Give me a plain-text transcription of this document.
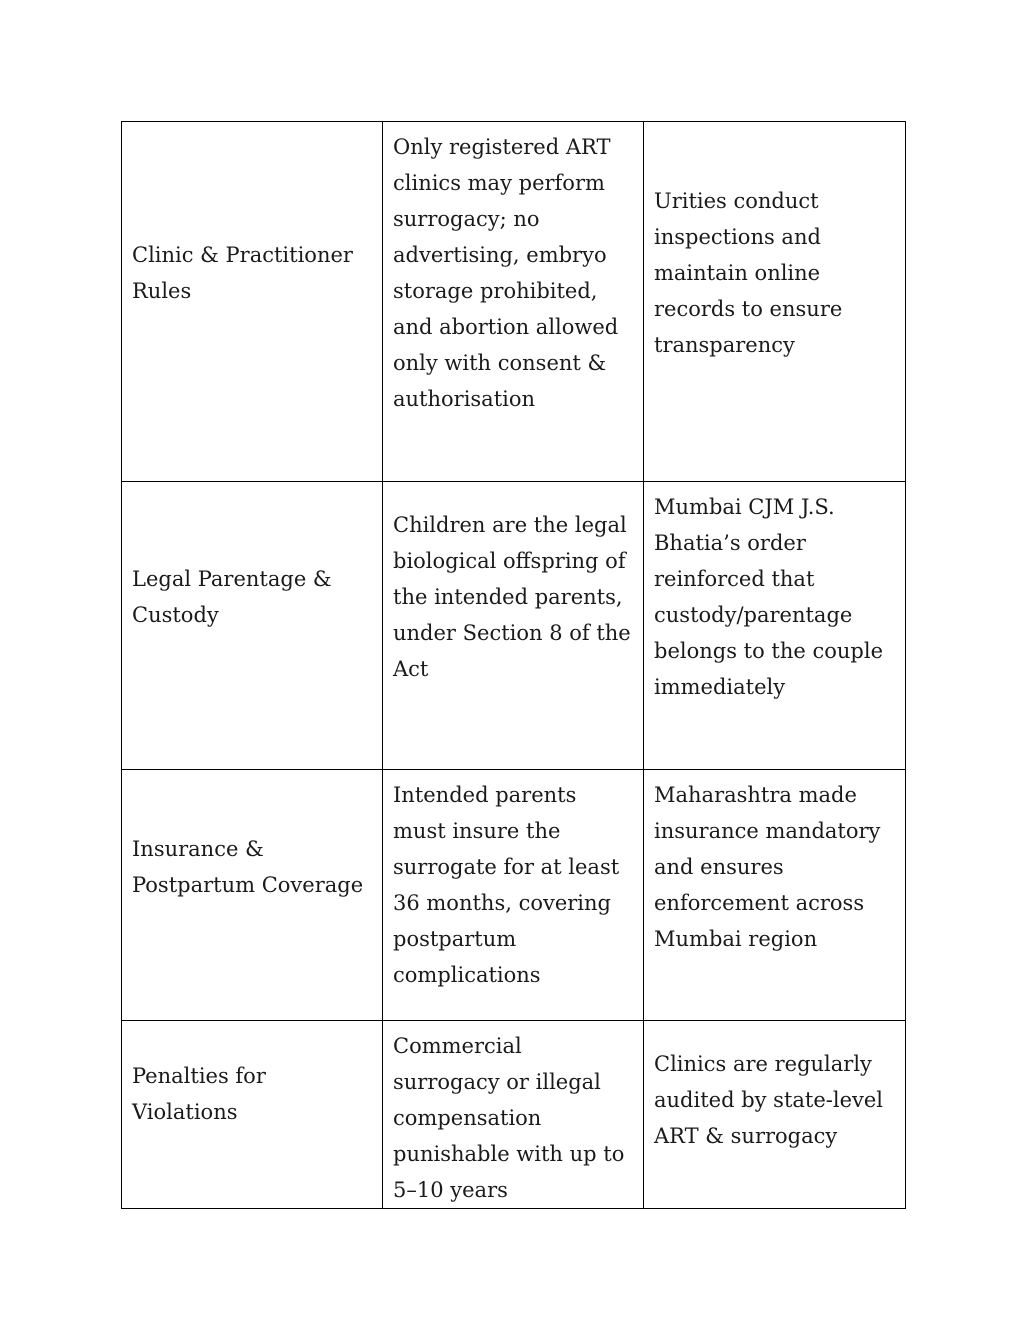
Clinic & Practitioner Rules	Only registered ART clinics may perform surrogacy; no advertising, embryo storage prohibited, and abortion allowed only with consent & authorisation	Urities conduct inspections and maintain online records to ensure transparency
Legal Parentage & Custody	Children are the legal biological offspring of the intended parents, under Section 8 of the Act	Mumbai CJM J.S. Bhatia’s order reinforced that custody/parentage belongs to the couple immediately
Insurance & Postpartum Coverage	Intended parents must insure the surrogate for at least 36 months, covering postpartum complications	Maharashtra made insurance mandatory and ensures enforcement across Mumbai region
Penalties for Violations	Commercial surrogacy or illegal compensation punishable with up to 5–10 years	Clinics are regularly audited by state-level ART & surrogacy
